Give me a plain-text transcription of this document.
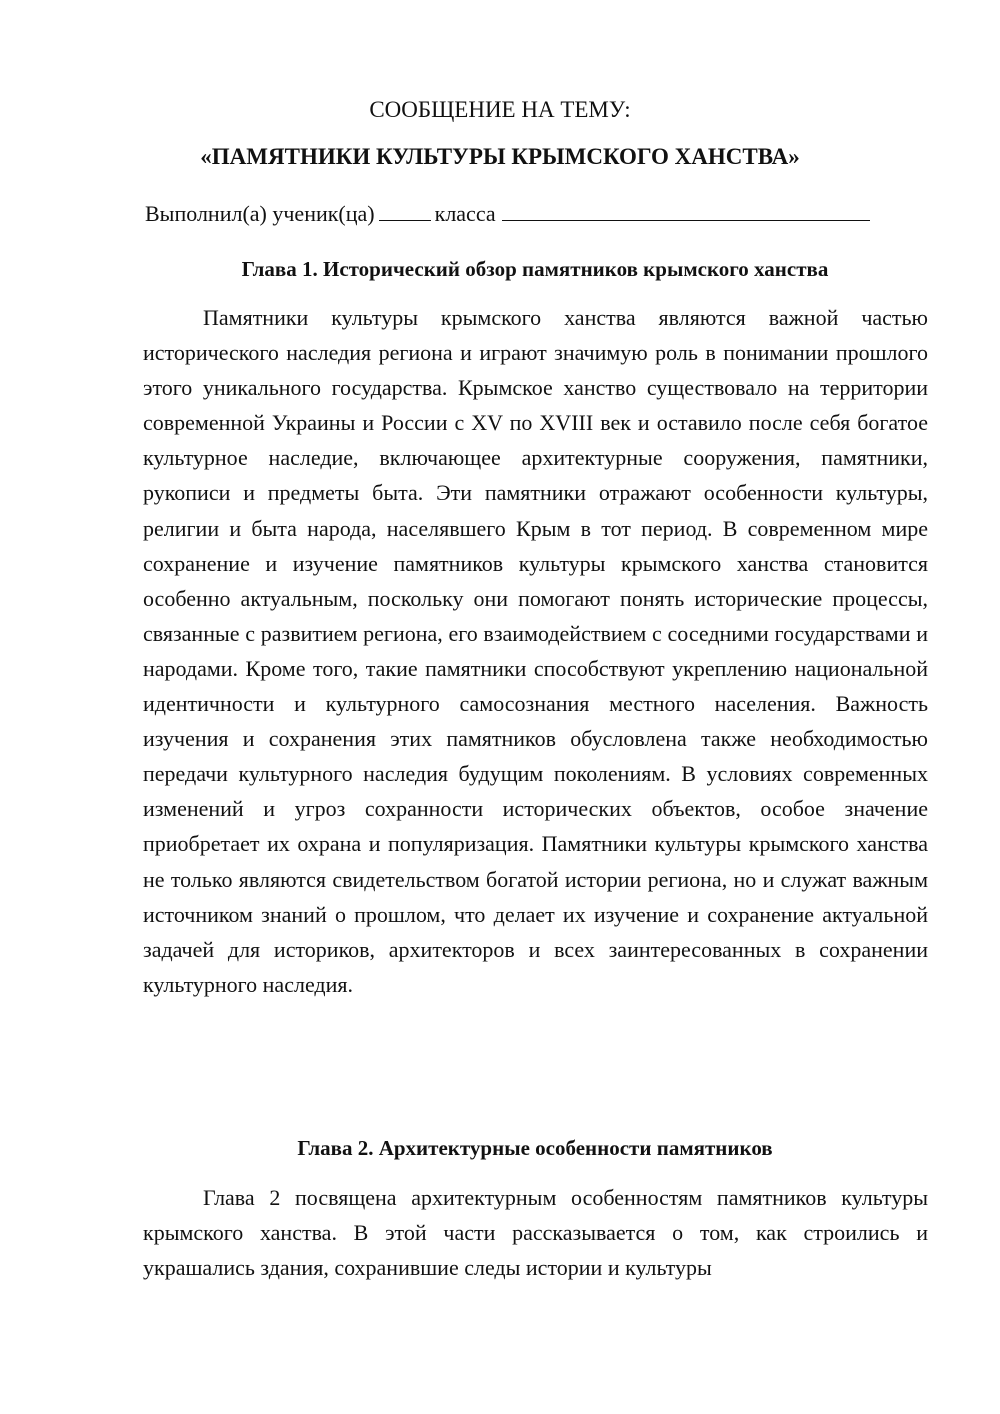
СООБЩЕНИЕ НА ТЕМУ:
«ПАМЯТНИКИ КУЛЬТУРЫ КРЫМСКОГО ХАНСТВА»
Выполнил(а) ученик(ца)	класса
Глава 1. Исторический обзор памятников крымского ханства

Памятники культуры крымского ханства являются важной частью исторического наследия региона и играют значимую роль в понимании прошлого этого уникального государства. Крымское ханство существовало на территории современной Украины и России с XV по XVIII век и оставило после себя богатое культурное наследие, включающее архитектурные сооружения, памятники, рукописи и предметы быта. Эти памятники отражают особенности культуры, религии и быта народа, населявшего Крым в тот период. В современном мире сохранение и изучение памятников культуры крымского ханства становится особенно актуальным, поскольку они помогают понять исторические процессы, связанные с развитием региона, его взаимодействием с соседними государствами и народами. Кроме того, такие памятники способствуют укреплению национальной идентичности и культурного самосознания местного населения. Важность изучения и сохранения этих памятников обусловлена также необходимостью передачи культурного наследия будущим поколениям. В условиях современных изменений и угроз сохранности исторических объектов, особое значение приобретает их охрана и популяризация. Памятники культуры крымского ханства не только являются свидетельством богатой истории региона, но и служат важным источником знаний о прошлом, что делает их изучение и сохранение актуальной задачей для историков, архитекторов и всех заинтересованных в сохранении культурного наследия.

Глава 2. Архитектурные особенности памятников

Глава 2 посвящена архитектурным особенностям памятников культуры крымского ханства. В этой части рассказывается о том, как строились и украшались здания, сохранившие следы истории и культуры
